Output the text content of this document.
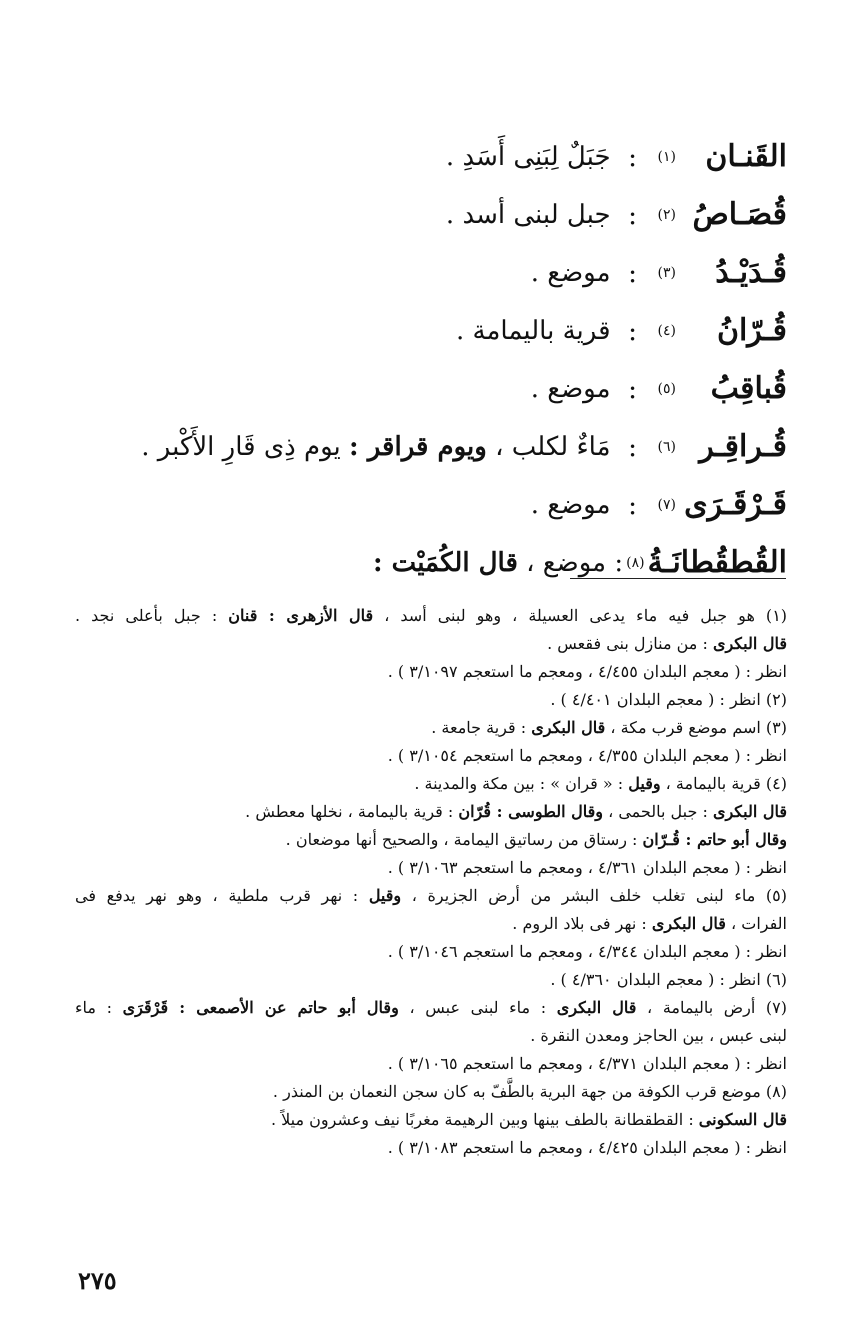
القَنـان
(١)
:
جَبَلٌ لِبَنِى أَسَدِ .
قُصَـاصُ
(٢)
:
جبل لبنى أسد .
قُـدَيْـدُ
(٣)
:
موضع .
قُـرّانُ
(٤)
:
قرية باليمامة .
قُباقِبُ
(٥)
:
موضع .
قُـراقِـر
(٦)
:
مَاءٌ لكلب ، ويوم قراقر : يوم ذِى قَارِ الأَكْبر .
قَـرْقَـرَى
(٧)
:
موضع .
القُطقُطانَـةُ
(٨)
: موضع ، قال الكُمَيْت :
(١) هو جبل فيه ماء يدعى العسيلة ، وهو لبنى أسد ، قال الأزهرى : قنان : جبل بأعلى نجد .
قال البكرى : من منازل بنى فقعس .
انظر : ( معجم البلدان ٤/٤٥٥ ، ومعجم ما استعجم ٣/١٠٩٧ ) .
(٢) انظر : ( معجم البلدان ٤/٤٠١ ) .
(٣) اسم موضع قرب مكة ، قال البكرى : قرية جامعة .
انظر : ( معجم البلدان ٤/٣٥٥ ، ومعجم ما استعجم ٣/١٠٥٤ ) .
(٤) قرية باليمامة ، وقيل : « قران » : بين مكة والمدينة .
قال البكرى : جبل بالحمى ، وقال الطوسى : قُرّان : قرية باليمامة ، نخلها معطش .
وقال أبو حاتم : قُـرّان : رستاق من رساتيق اليمامة ، والصحيح أنها موضعان .
انظر : ( معجم البلدان ٤/٣٦١ ، ومعجم ما استعجم ٣/١٠٦٣ ) .
(٥) ماء لبنى تغلب خلف البشر من أرض الجزيرة ، وقيل : نهر قرب ملطية ، وهو نهر يدفع فى
الفرات ، قال البكرى : نهر فى بلاد الروم .
انظر : ( معجم البلدان ٤/٣٤٤ ، ومعجم ما استعجم ٣/١٠٤٦ ) .
(٦) انظر : ( معجم البلدان ٤/٣٦٠ ) .
(٧) أرض باليمامة ، قال البكرى : ماء لبنى عبس ، وقال أبو حاتم عن الأصمعى : قَرْقَرَى : ماء
لبنى عبس ، بين الحاجز ومعدن النقرة .
انظر : ( معجم البلدان ٤/٣٧١ ، ومعجم ما استعجم ٣/١٠٦٥ ) .
(٨) موضع قرب الكوفة من جهة البرية بالطَّفّ به كان سجن النعمان بن المنذر .
قال السكونى : القطقطانة بالطف بينها وبين الرهيمة مغربًا نيف وعشرون ميلاً .
انظر : ( معجم البلدان ٤/٤٢٥ ، ومعجم ما استعجم ٣/١٠٨٣ ) .
٢٧٥
